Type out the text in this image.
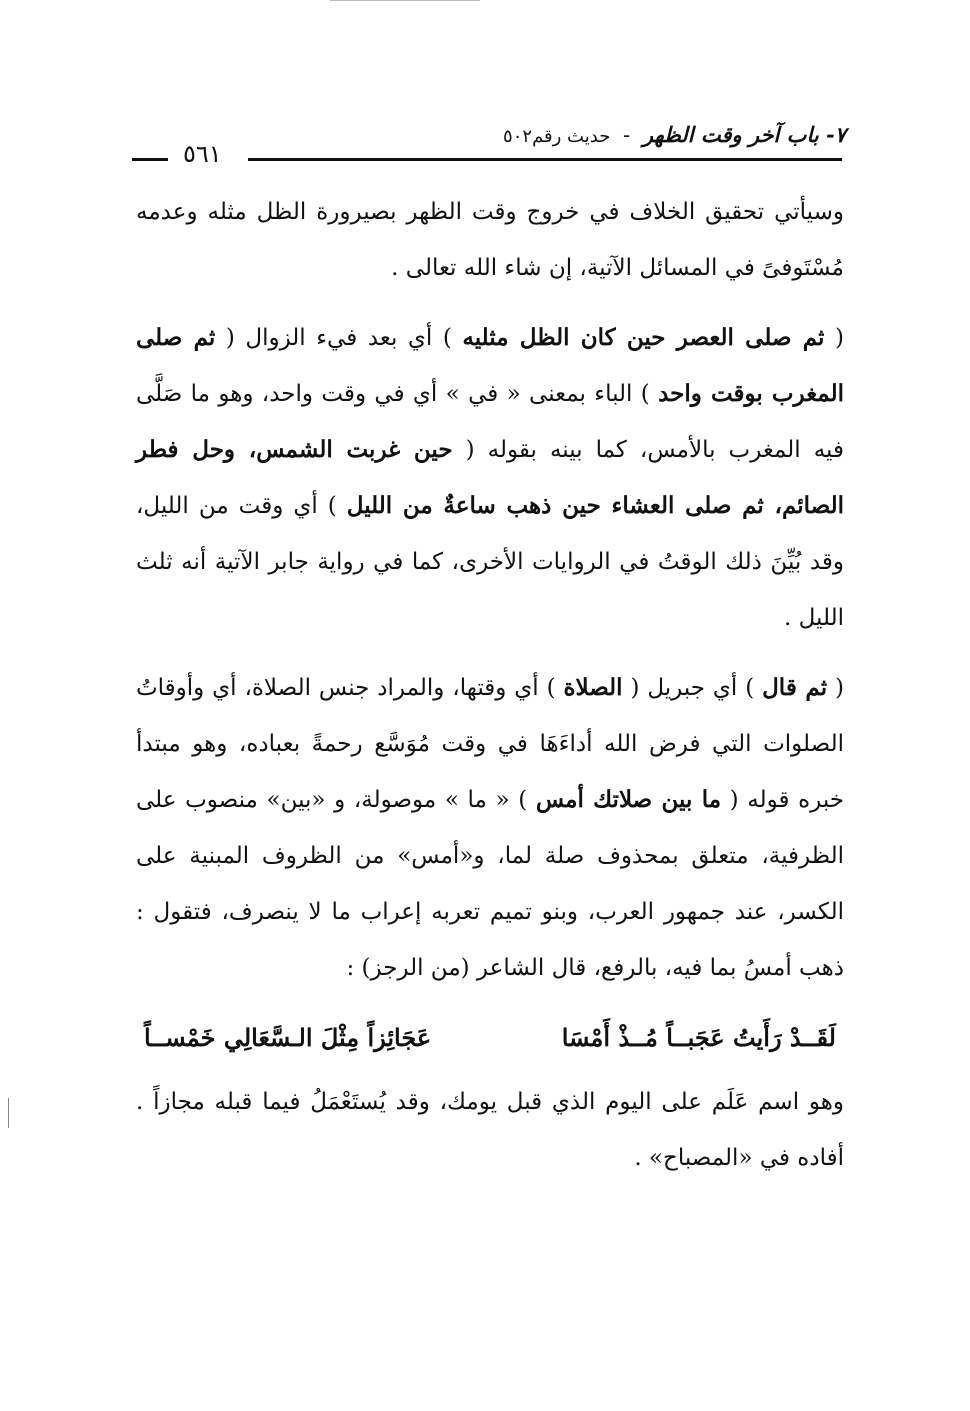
٧- باب آخر وقت الظهر - حديث رقم٥٠٢
٥٦١

وسيأتي تحقيق الخلاف في خروج وقت الظهر بصيرورة الظل مثله وعدمه مُسْتَوفىً في المسائل الآتية، إن شاء الله تعالى .

( ثم صلى العصر حين كان الظل مثليه ) أي بعد فيء الزوال ( ثم صلى المغرب بوقت واحد ) الباء بمعنى « في » أي في وقت واحد، وهو ما صَلَّى فيه المغرب بالأمس، كما بينه بقوله ( حين غربت الشمس، وحل فطر الصائم، ثم صلى العشاء حين ذهب ساعةٌ من الليل ) أي وقت من الليل، وقد بُيِّنَ ذلك الوقتُ في الروايات الأخرى، كما في رواية جابر الآتية أنه ثلث الليل .

( ثم قال ) أي جبريل ( الصلاة ) أي وقتها، والمراد جنس الصلاة، أي وأوقاتُ الصلوات التي فرض الله أداءَهَا في وقت مُوَسَّع رحمةً بعباده، وهو مبتدأ خبره قوله ( ما بين صلاتك أمس ) « ما » موصولة، و «بين» منصوب على الظرفية، متعلق بمحذوف صلة لما، و«أمس» من الظروف المبنية على الكسر، عند جمهور العرب، وبنو تميم تعربه إعراب ما لا ينصرف، فتقول : ذهب أمسُ بما فيه، بالرفع، قال الشاعر (من الرجز) :

لَقَــدْ رَأَيتُ عَجَبــاً مُــذْ أَمْسَا
عَجَائِزاً مِثْلَ الـسَّعَالِي خَمْســاً

وهو اسم عَلَم على اليوم الذي قبل يومك، وقد يُستَعْمَلُ فيما قبله مجازاً . أفاده في «المصباح» .
